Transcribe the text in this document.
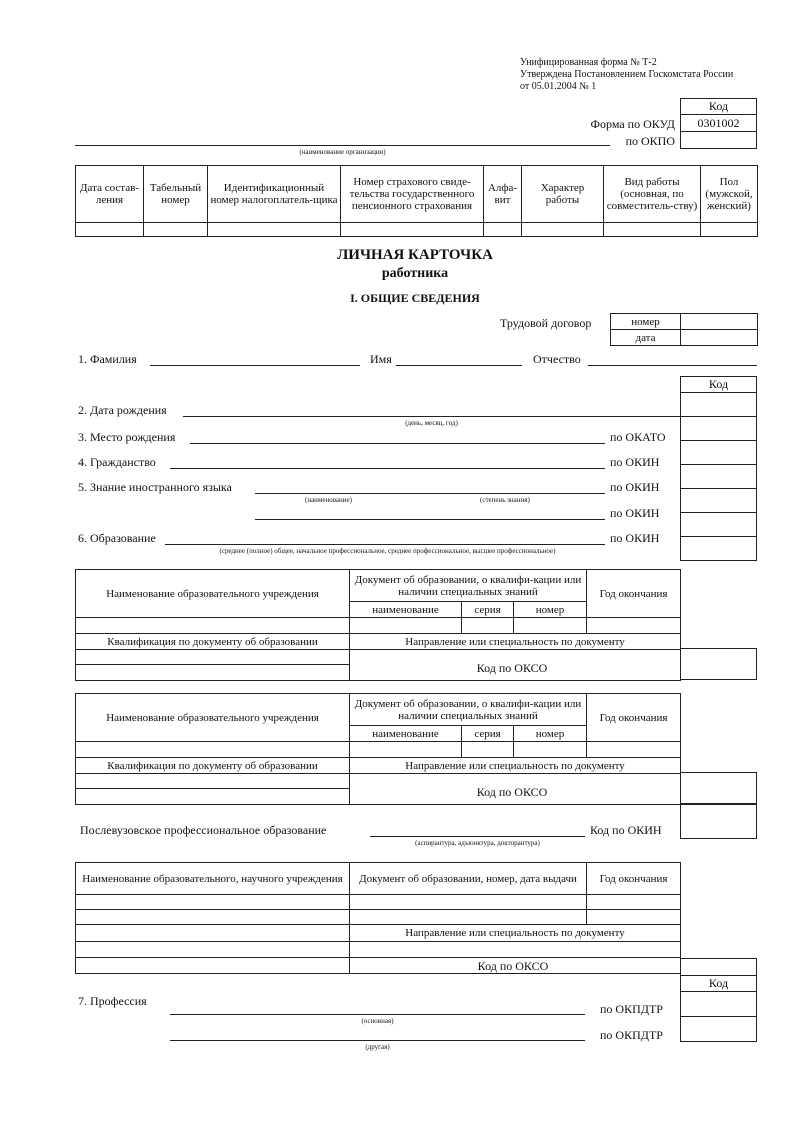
Унифицированная форма № Т-2
Утверждена Постановлением Госкомстата России
от 05.01.2004 № 1
Код
0301002
Форма по ОКУД
по ОКПО
(наименование организации)
Дата состав-ления	Табельный номер	Идентификационный номер налогоплатель-щика	Номер страхового свиде-тельства государственного пенсионного страхования	Алфа-вит	Характер работы	Вид работы (основная, по совместитель-ству)	Пол (мужской, женский)

ЛИЧНАЯ КАРТОЧКА
работника
I. ОБЩИЕ СВЕДЕНИЯ
Трудовой договор	номер	
дата	
1. Фамилия	Имя	Отчество
Код
2. Дата рождения
(день, месяц, год)
3. Место рождения	по ОКАТО
4. Гражданство	по ОКИН
5. Знание иностранного языка	по ОКИН
(наименование)	(степень знания)
по ОКИН
6. Образование	по ОКИН
(среднее (полное) общее, начальное профессиональное, среднее профессиональное, высшее профессиональное)
Наименование образовательного учреждения	Документ об образовании, о квалифи-кации или наличии специальных знаний			Год окончания
	наименование	серия	номер	

Квалификация по документу об образовании	Направление или специальность по документу			
	Код по ОКСО			

Наименование образовательного учреждения	Документ об образовании, о квалифи-кации или наличии специальных знаний			Год окончания
	наименование	серия	номер	

Квалификация по документу об образовании	Направление или специальность по документу			
	Код по ОКСО			

Послевузовское профессиональное образование
(аспирантура, адъюнктура, докторантура)
Код по ОКИН
Наименование образовательного, научного учреждения	Документ об образовании, номер, дата выдачи	Год окончания

	Направление или специальность по документу	

	Код по ОКСО	
Код
7. Профессия
по ОКПДТР
(основная)
по ОКПДТР
(другая)
